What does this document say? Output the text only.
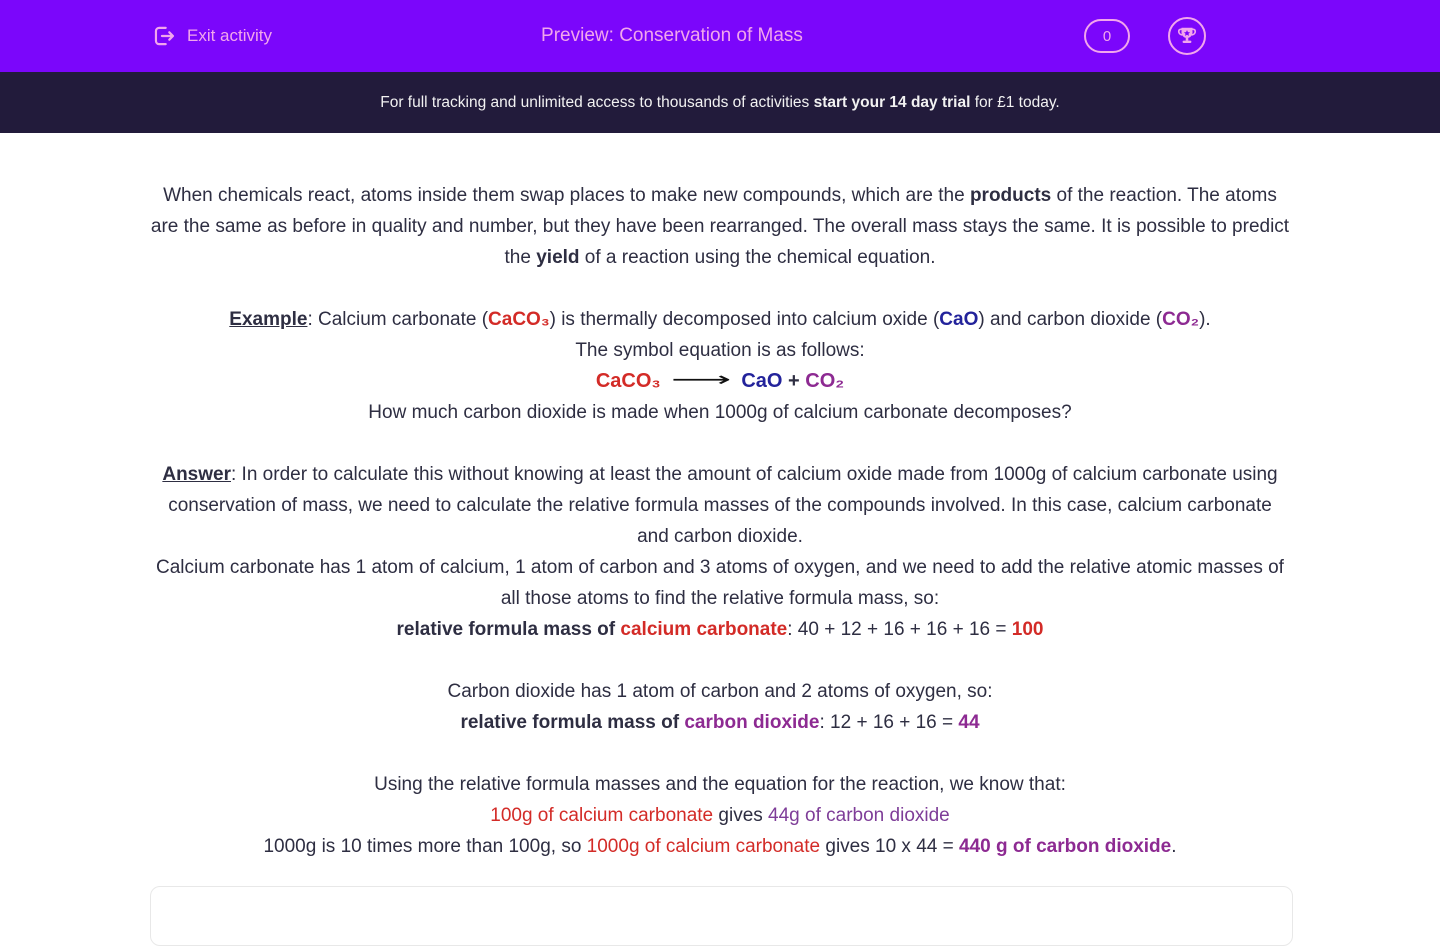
Exit activity	Preview: Conservation of Mass	0

For full tracking and unlimited access to thousands of activities start your 14 day trial for £1 today.

When chemicals react, atoms inside them swap places to make new compounds, which are the products of the reaction. The atoms are the same as before in quality and number, but they have been rearranged. The overall mass stays the same. It is possible to predict the yield of a reaction using the chemical equation.

Example: Calcium carbonate (CaCO₃) is thermally decomposed into calcium oxide (CaO) and carbon dioxide (CO₂).

The symbol equation is as follows:

CaCO₃ ⟶ CaO + CO₂

How much carbon dioxide is made when 1000g of calcium carbonate decomposes?

Answer: In order to calculate this without knowing at least the amount of calcium oxide made from 1000g of calcium carbonate using conservation of mass, we need to calculate the relative formula masses of the compounds involved. In this case, calcium carbonate and carbon dioxide.

Calcium carbonate has 1 atom of calcium, 1 atom of carbon and 3 atoms of oxygen, and we need to add the relative atomic masses of all those atoms to find the relative formula mass, so:

relative formula mass of calcium carbonate: 40 + 12 + 16 + 16 + 16 = 100

Carbon dioxide has 1 atom of carbon and 2 atoms of oxygen, so:

relative formula mass of carbon dioxide: 12 + 16 + 16 = 44

Using the relative formula masses and the equation for the reaction, we know that:

100g of calcium carbonate gives 44g of carbon dioxide

1000g is 10 times more than 100g, so 1000g of calcium carbonate gives 10 x 44 = 440 g of carbon dioxide.
